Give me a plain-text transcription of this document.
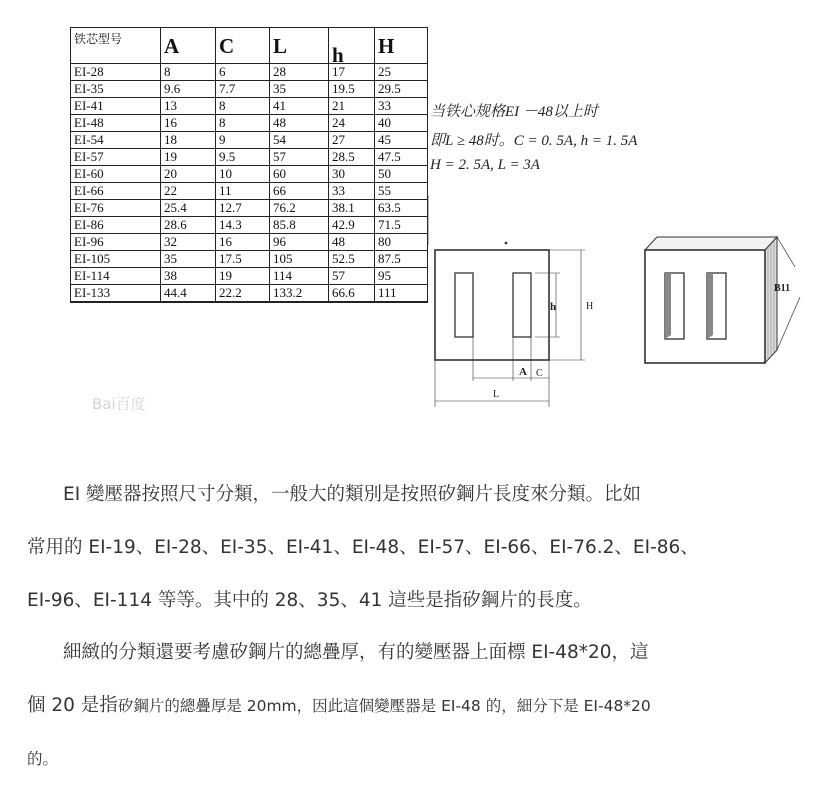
铁芯型号	A	C	L	h	H
EI-28	8	6	28	17	25
EI-35	9.6	7.7	35	19.5	29.5
EI-41	13	8	41	21	33
EI-48	16	8	48	24	40
EI-54	18	9	54	27	45
EI-57	19	9.5	57	28.5	47.5
EI-60	20	10	60	30	50
EI-66	22	11	66	33	55
EI-76	25.4	12.7	76.2	38.1	63.5
EI-86	28.6	14.3	85.8	42.9	71.5
EI-96	32	16	96	48	80
EI-105	35	17.5	105	52.5	87.5
EI-114	38	19	114	57	95
EI-133	44.4	22.2	133.2	66.6	111
当铁心规格EI －48以上时
即L ≥ 48时。C = 0. 5A, h = 1. 5A
H = 2. 5A, L = 3A
A C
h	H
L
B11
Bai百度
EI 變壓器按照尺寸分類，一般大的類別是按照矽鋼片長度來分類。比如
常用的 EI-19、EI-28、EI-35、EI-41、EI-48、EI-57、EI-66、EI-76.2、EI-86、
EI-96、EI-114 等等。其中的 28、35、41 這些是指矽鋼片的長度。
細緻的分類還要考慮矽鋼片的總疊厚，有的變壓器上面標 EI-48*20，這
個 20 是指矽鋼片的總疊厚是 20mm，因此這個變壓器是 EI-48 的，細分下是 EI-48*20
的。
